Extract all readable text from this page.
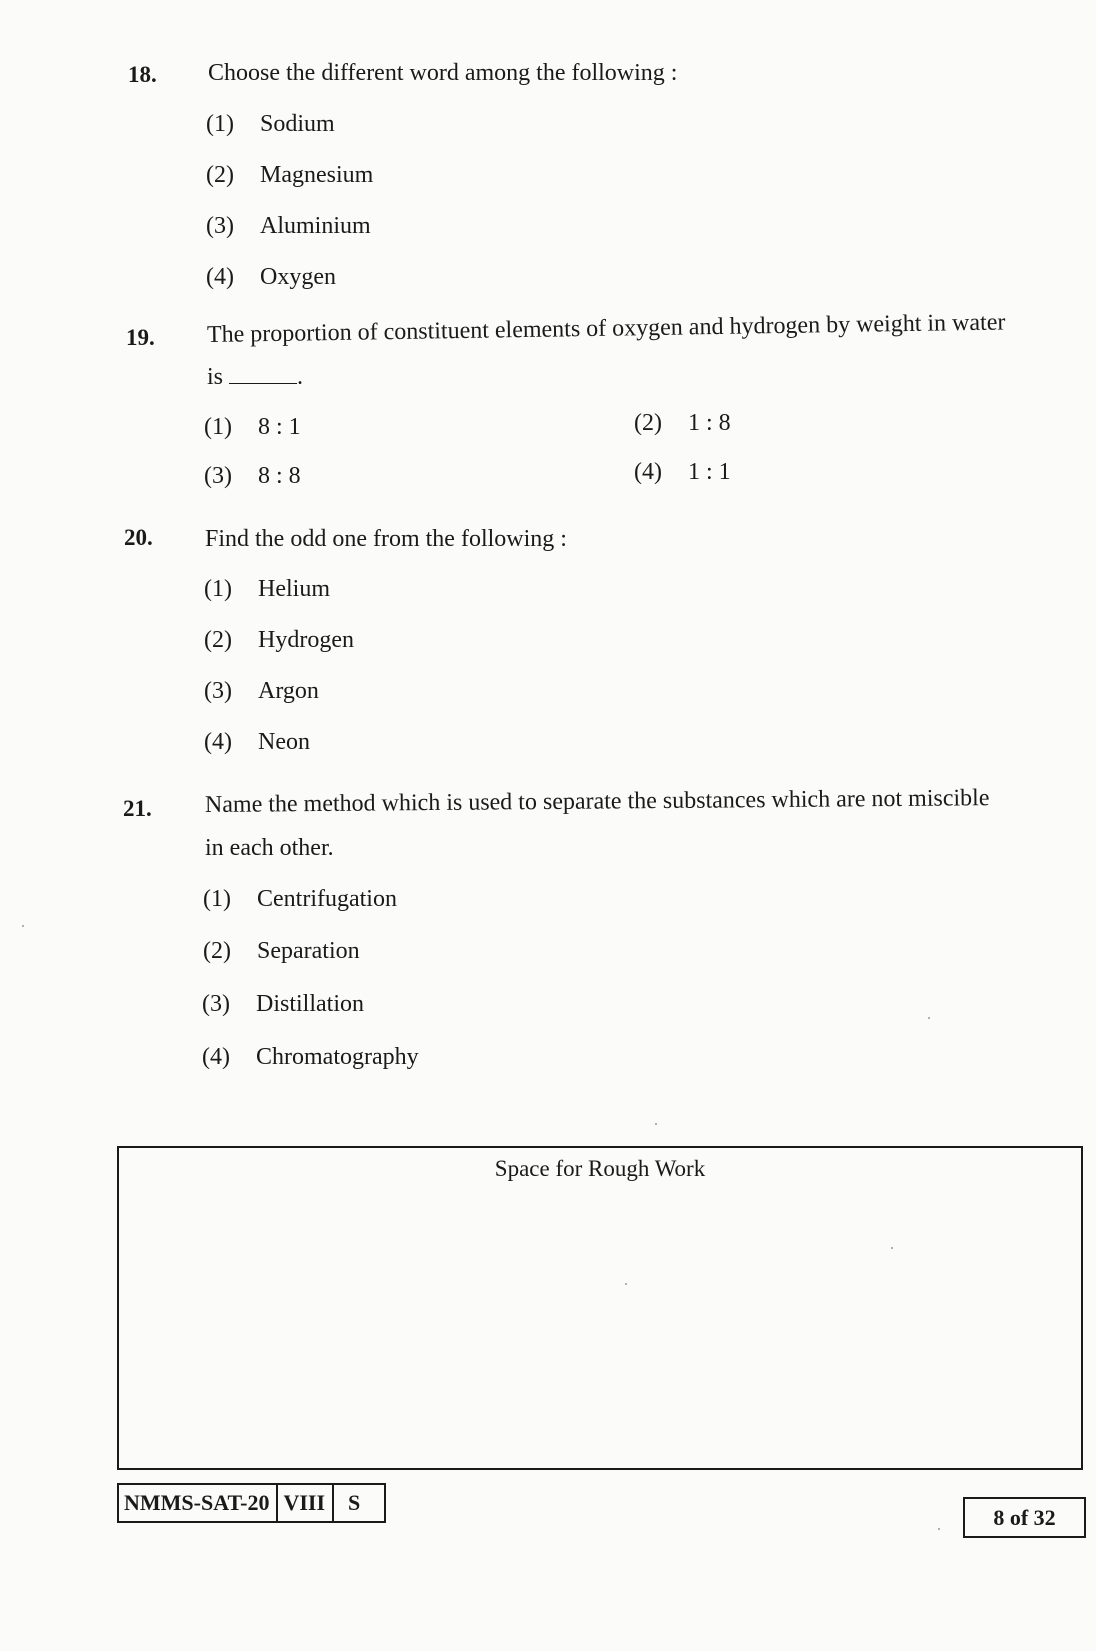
18. Choose the different word among the following :
(1) Sodium
(2) Magnesium
(3) Aluminium
(4) Oxygen
19. The proportion of constituent elements of oxygen and hydrogen by weight in water
is	.
(1) 8 : 1	(2) 1 : 8
(3) 8 : 8	(4) 1 : 1
20. Find the odd one from the following :
(1) Helium
(2) Hydrogen
(3) Argon
(4) Neon
21. Name the method which is used to separate the substances which are not miscible
in each other.
(1) Centrifugation
(2) Separation
(3) Distillation
(4) Chromatography
Space for Rough Work
NMMS-SAT-20 VIII	S
8 of 32
